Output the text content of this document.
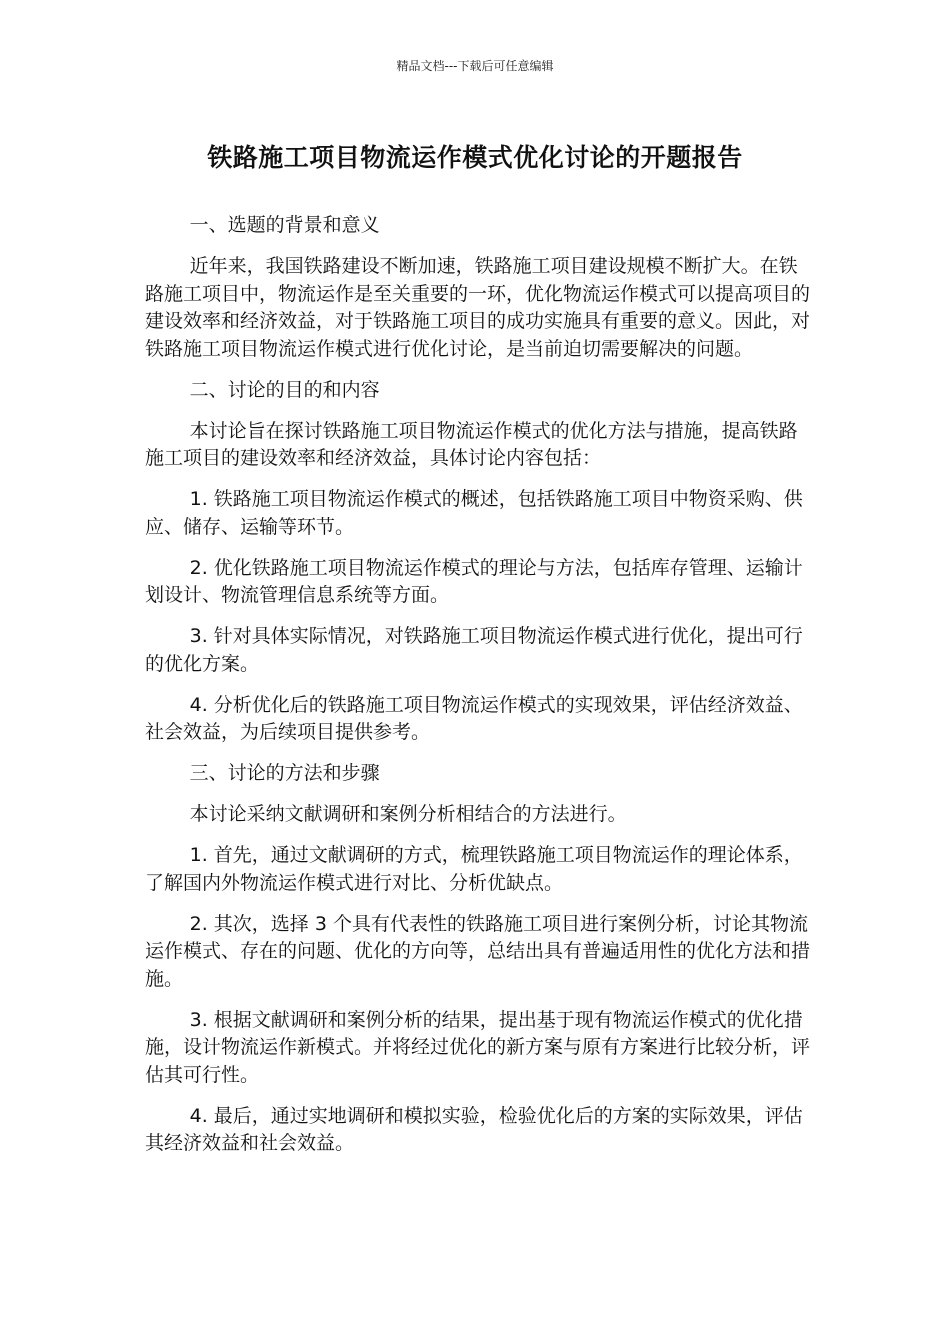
精品文档---下载后可任意编辑
铁路施工项目物流运作模式优化讨论的开题报告

一、选题的背景和意义

近年来，我国铁路建设不断加速，铁路施工项目建设规模不断扩大。在铁路施工项目中，物流运作是至关重要的一环，优化物流运作模式可以提高项目的建设效率和经济效益，对于铁路施工项目的成功实施具有重要的意义。因此，对铁路施工项目物流运作模式进行优化讨论，是当前迫切需要解决的问题。

二、讨论的目的和内容

本讨论旨在探讨铁路施工项目物流运作模式的优化方法与措施，提高铁路施工项目的建设效率和经济效益，具体讨论内容包括：

1. 铁路施工项目物流运作模式的概述，包括铁路施工项目中物资采购、供应、储存、运输等环节。

2. 优化铁路施工项目物流运作模式的理论与方法，包括库存管理、运输计划设计、物流管理信息系统等方面。

3. 针对具体实际情况，对铁路施工项目物流运作模式进行优化，提出可行的优化方案。

4. 分析优化后的铁路施工项目物流运作模式的实现效果，评估经济效益、社会效益，为后续项目提供参考。

三、讨论的方法和步骤

本讨论采纳文献调研和案例分析相结合的方法进行。

1. 首先，通过文献调研的方式，梳理铁路施工项目物流运作的理论体系，了解国内外物流运作模式进行对比、分析优缺点。

2. 其次，选择 3 个具有代表性的铁路施工项目进行案例分析，讨论其物流运作模式、存在的问题、优化的方向等，总结出具有普遍适用性的优化方法和措施。

3. 根据文献调研和案例分析的结果，提出基于现有物流运作模式的优化措施，设计物流运作新模式。并将经过优化的新方案与原有方案进行比较分析，评估其可行性。

4. 最后，通过实地调研和模拟实验，检验优化后的方案的实际效果，评估其经济效益和社会效益。
